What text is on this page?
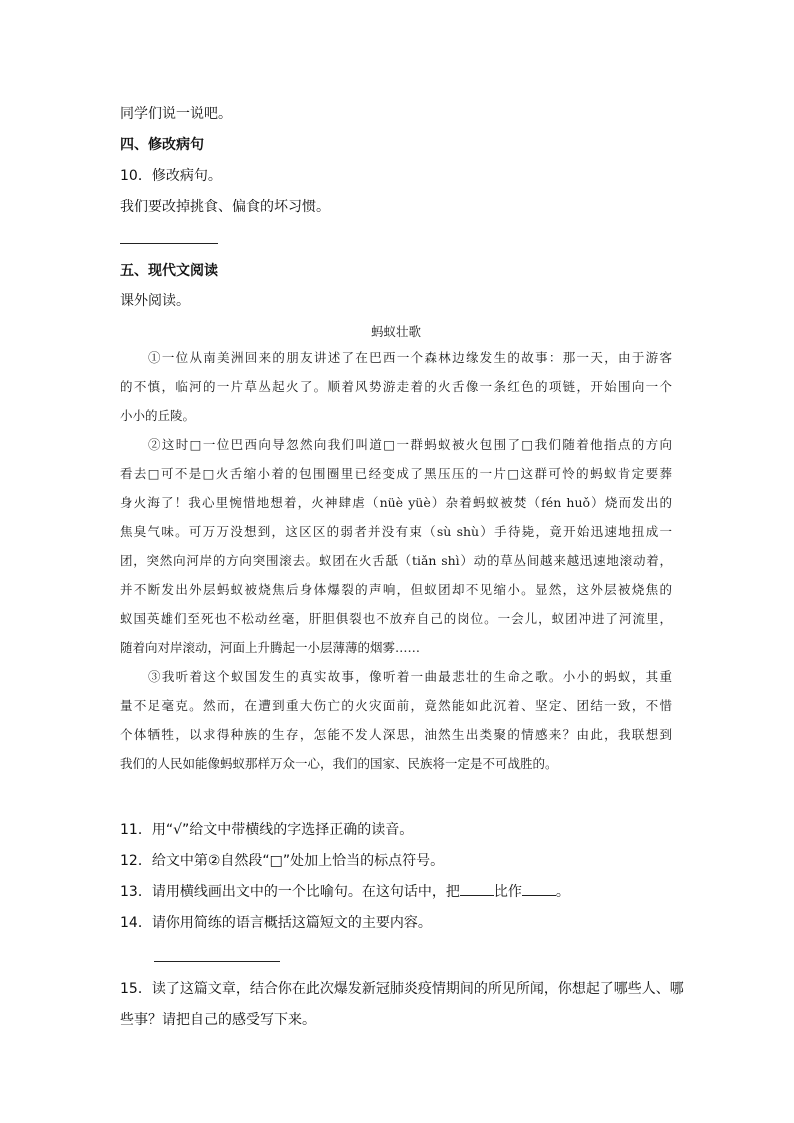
同学们说一说吧。
四、修改病句
10．修改病句。
我们要改掉挑食、偏食的坏习惯。
五、现代文阅读
课外阅读。
蚂蚁壮歌
①一位从南美洲回来的朋友讲述了在巴西一个森林边缘发生的故事：那一天，由于游客
的不慎，临河的一片草丛起火了。顺着风势游走着的火舌像一条红色的项链，开始围向一个
小小的丘陵。
②这时□一位巴西向导忽然向我们叫道□一群蚂蚁被火包围了□我们随着他指点的方向
看去□可不是□火舌缩小着的包围圈里已经变成了黑压压的一片□这群可怜的蚂蚁肯定要葬
身火海了！我心里惋惜地想着，火神肆虐（nüè yüè）杂着蚂蚁被焚（fén huǒ）烧而发出的
焦臭气味。可万万没想到，这区区的弱者并没有束（sù shù）手待毙，竟开始迅速地扭成一
团，突然向河岸的方向突围滚去。蚁团在火舌舐（tiǎn shì）动的草丛间越来越迅速地滚动着，
并不断发出外层蚂蚁被烧焦后身体爆裂的声响，但蚁团却不见缩小。显然，这外层被烧焦的
蚁国英雄们至死也不松动丝毫，肝胆俱裂也不放弃自己的岗位。一会儿，蚁团冲进了河流里，
随着向对岸滚动，河面上升腾起一小层薄薄的烟雾……
③我听着这个蚁国发生的真实故事，像听着一曲最悲壮的生命之歌。小小的蚂蚁，其重
量不足毫克。然而，在遭到重大伤亡的火灾面前，竟然能如此沉着、坚定、团结一致，不惜
个体牺牲，以求得种族的生存，怎能不发人深思，油然生出类聚的情感来？由此，我联想到
我们的人民如能像蚂蚁那样万众一心，我们的国家、民族将一定是不可战胜的。
11．用“√”给文中带横线的字选择正确的读音。
12．给文中第②自然段“□”处加上恰当的标点符号。
13．请用横线画出文中的一个比喻句。在这句话中，把 比作 。
14．请你用简练的语言概括这篇短文的主要内容。
15．读了这篇文章，结合你在此次爆发新冠肺炎疫情期间的所见所闻，你想起了哪些人、哪
些事？请把自己的感受写下来。
